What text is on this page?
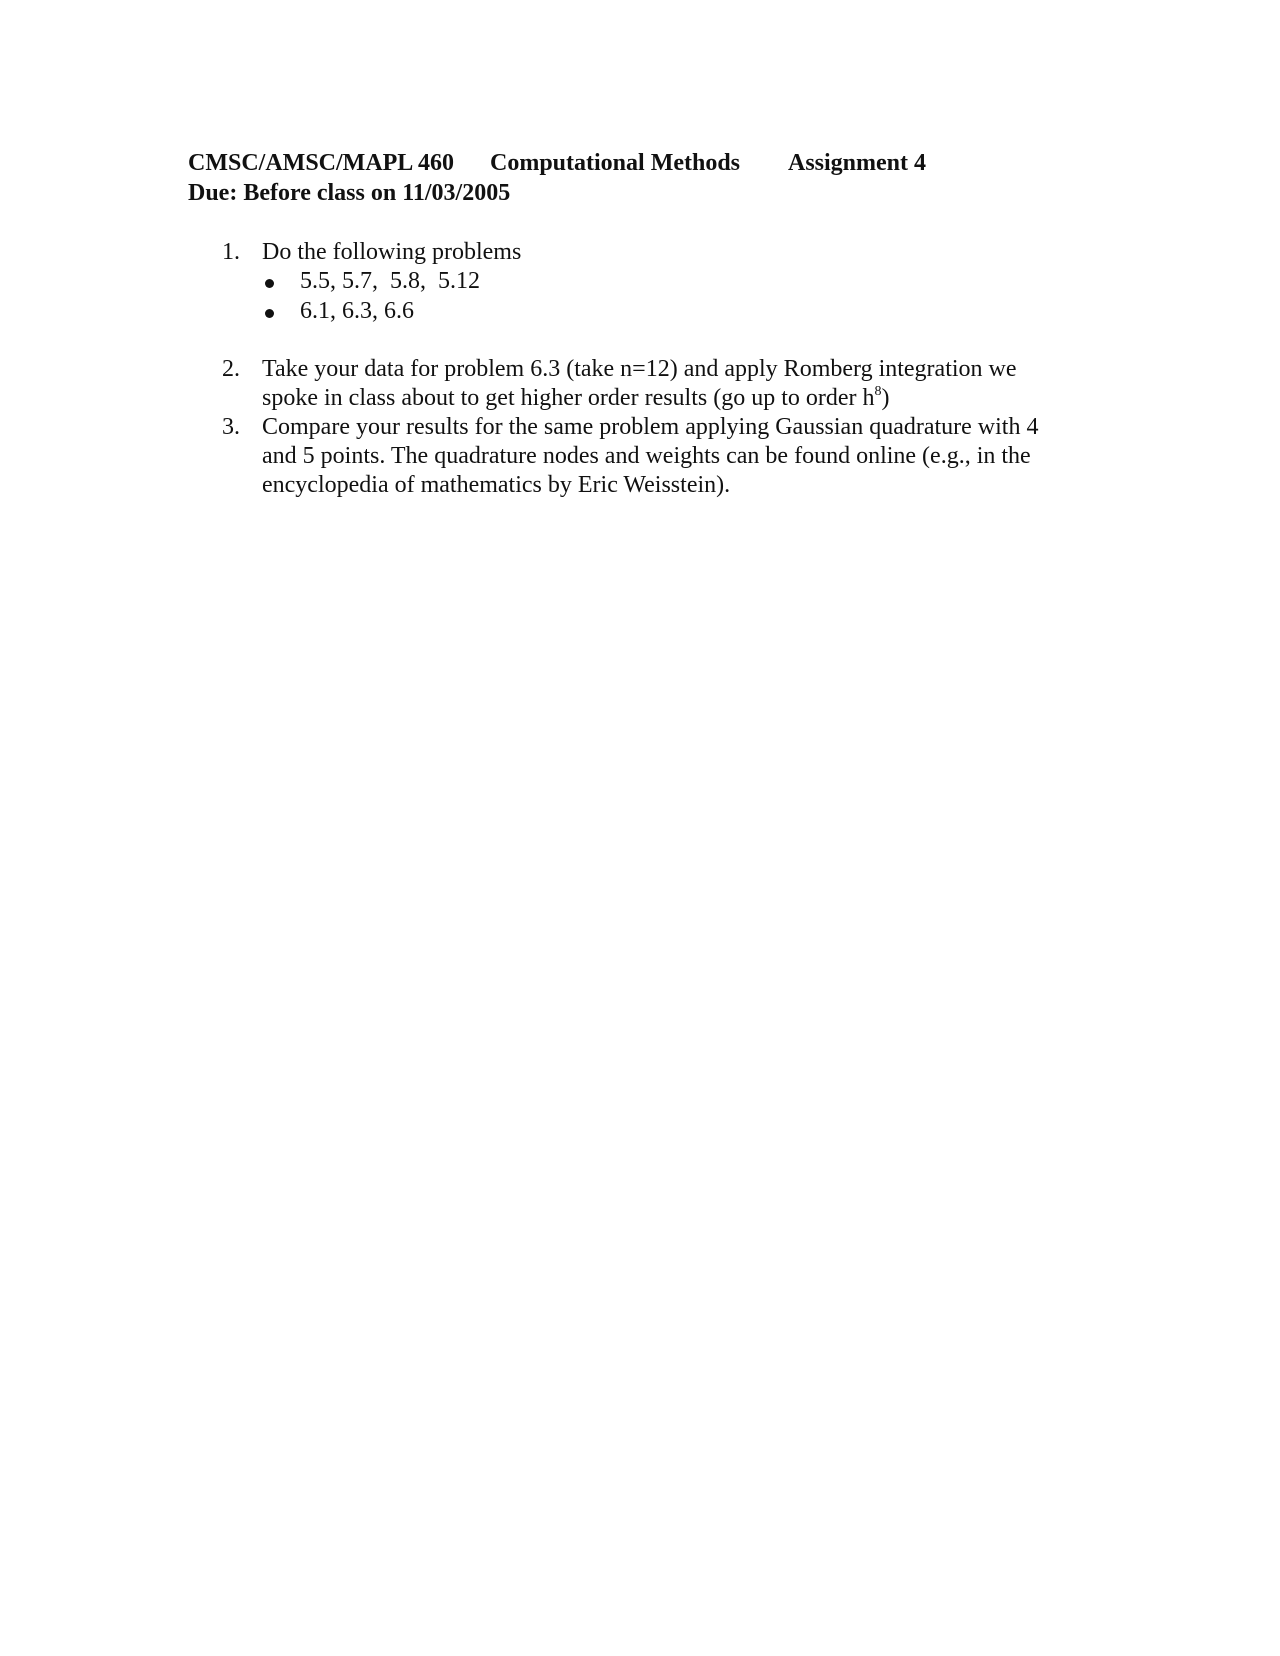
CMSC/AMSC/MAPL 460 Computational Methods Assignment 4
Due: Before class on 11/03/2005
1. Do the following problems
5.5, 5.7,  5.8,  5.12
6.1, 6.3, 6.6
2. Take your data for problem 6.3 (take n=12) and apply Romberg integration we
spoke in class about to get higher order results (go up to order $h^8$)
3. Compare your results for the same problem applying Gaussian quadrature with 4
and 5 points. The quadrature nodes and weights can be found online (e.g., in the
encyclopedia of mathematics by Eric Weisstein).
